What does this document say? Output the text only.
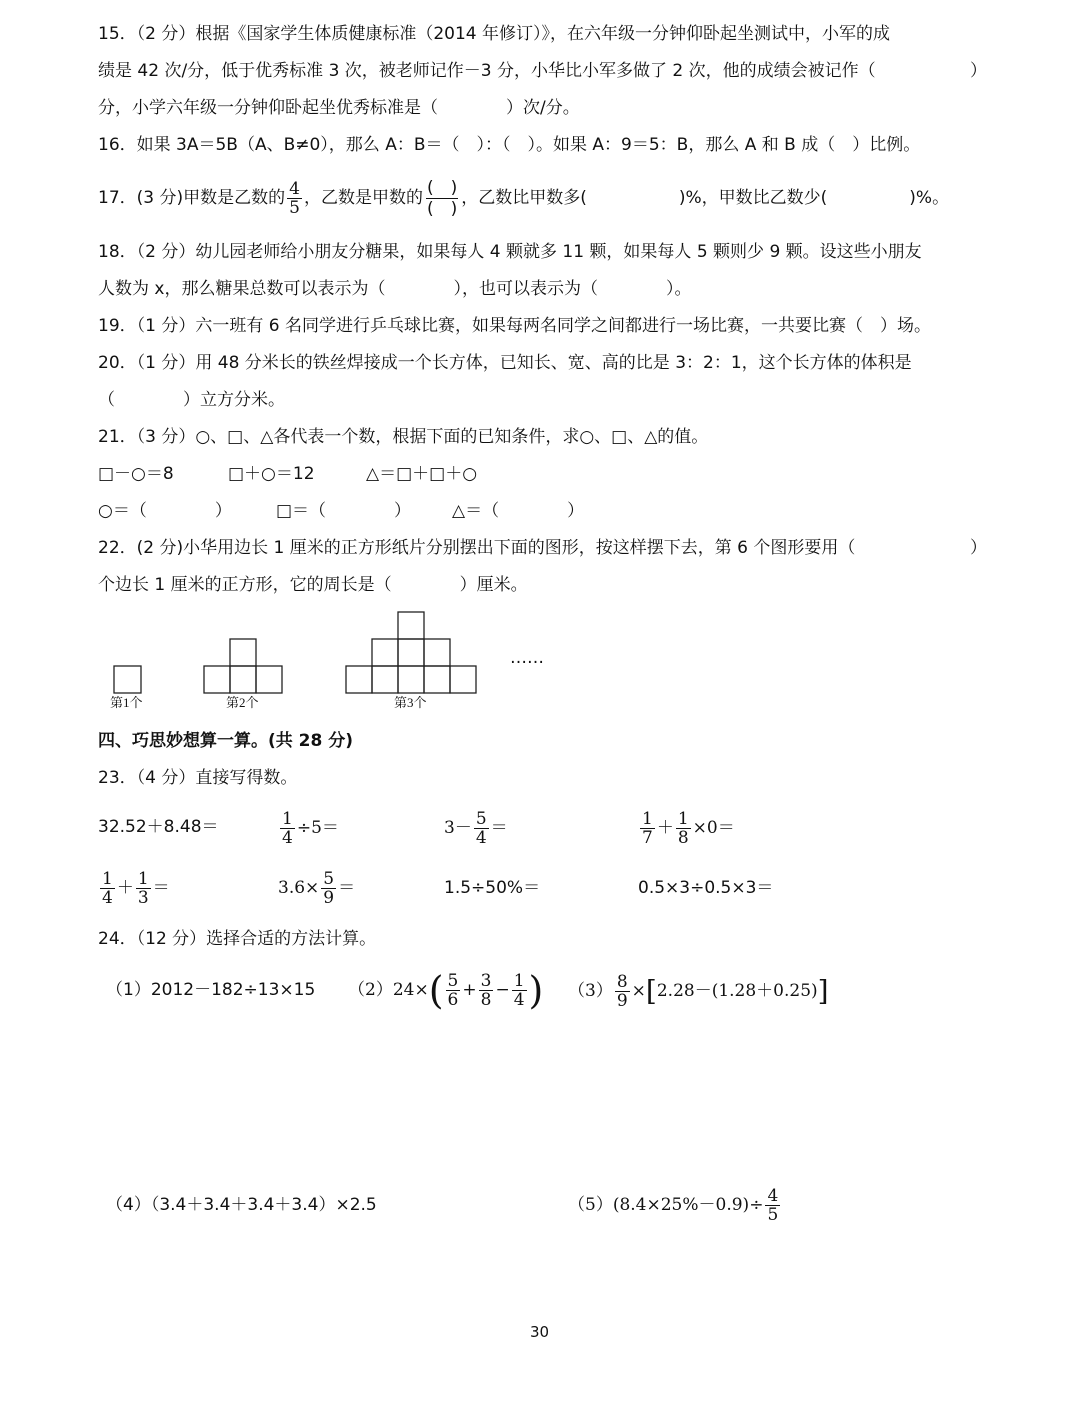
15．（2 分）根据《国家学生体质健康标准（2014 年修订）》，在六年级一分钟仰卧起坐测试中，小军的成
绩是 42 次/分，低于优秀标准 3 次，被老师记作－3 分，小华比小军多做了 2 次，他的成绩会被记作（	）
分，小学六年级一分钟仰卧起坐优秀标准是（　　　　）次/分。
16．如果 3A＝5B（A、B≠0），那么 A：B＝（　）：（　）。如果 A：9＝5：B，那么 A 和 B 成（　）比例。
17．(3 分)甲数是乙数的 $\frac{4}{5}$ ，乙数是甲数的 $\frac{( )}{( )}$ ，乙数比甲数多(	)%，甲数比乙数少(	)%。
18．（2 分）幼儿园老师给小朋友分糖果，如果每人 4 颗就多 11 颗，如果每人 5 颗则少 9 颗。设这些小朋友
人数为 x，那么糖果总数可以表示为（　　　　），也可以表示为（　　　　）。
19．（1 分）六一班有 6 名同学进行乒乓球比赛，如果每两名同学之间都进行一场比赛，一共要比赛（　）场。
20．（1 分）用 48 分米长的铁丝焊接成一个长方体，已知长、宽、高的比是 3：2：1，这个长方体的体积是
（　　　　）立方分米。
21．（3 分）○、□、△各代表一个数，根据下面的已知条件，求○、□、△的值。
□－○＝8	□＋○＝12	△＝□＋□＋○
○＝（　　　　）	□＝（　　　　） △＝（　　　　）
22．(2 分)小华用边长 1 厘米的正方形纸片分别摆出下面的图形，按这样摆下去，第 6 个图形要用（	）
个边长 1 厘米的正方形，它的周长是（　　　　）厘米。
第1个	第2个	第3个
……
四、巧思妙想算一算。(共 28 分)
23．（4 分）直接写得数。
32.52＋8.48＝	$\frac{1}{4} \div 5=$	$3- \frac{5}{4}$ ＝	$\frac{1}{7} + \frac{1}{8} \times 0=$
$\frac{1}{4} + \frac{1}{3}$ ＝	$3.6\times \frac{5}{9}$ ＝	1.5÷50%＝	0.5×3÷0.5×3＝
24．（12 分）选择合适的方法计算。
（1）2012－182÷13×15 $(2)24\times( \frac{5}{6} + \frac{3}{8} - \frac{1}{4}$ ) $(3) \frac{8}{9} \times[2.28-(1.28+0.25)]$
（4）（3.4＋3.4＋3.4＋3.4）×2.5	$(5)(8.4\times 25\%-0.9)\div \frac{4}{5}$
30
